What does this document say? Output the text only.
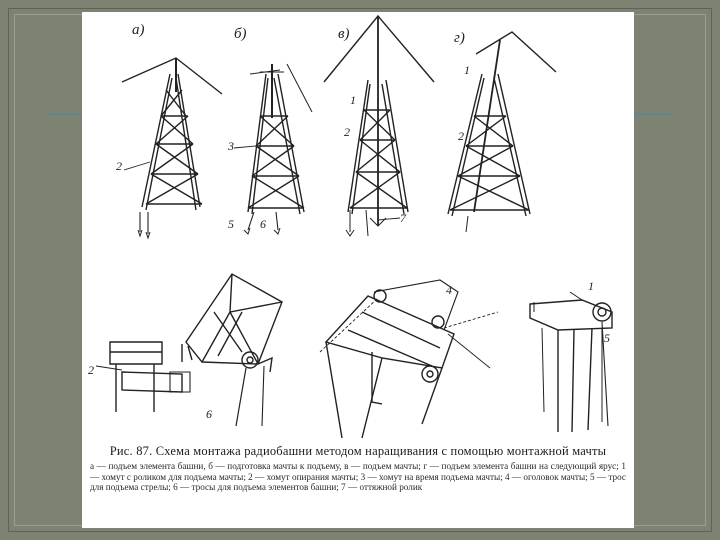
а)	б)	в)	г)
2
3
5 6
1
2
7
1
2
2
6
4	1
5
Рис. 87. Схема монтажа радиобашни методом наращивания с помощью монтажной мачты
а — подъем элемента башни, б — подготовка мачты к подъему, в — подъем мачты; г — подъем элемента башни на следующий ярус; 1 — хомут с роликом для подъема мачты; 2 — хомут опирания мачты; 3 — хомут на время подъема мачты; 4 — оголовок мачты; 5 — трос для подъема стрелы; 6 — тросы для подъема элементов башни; 7 — оттяжной ролик
